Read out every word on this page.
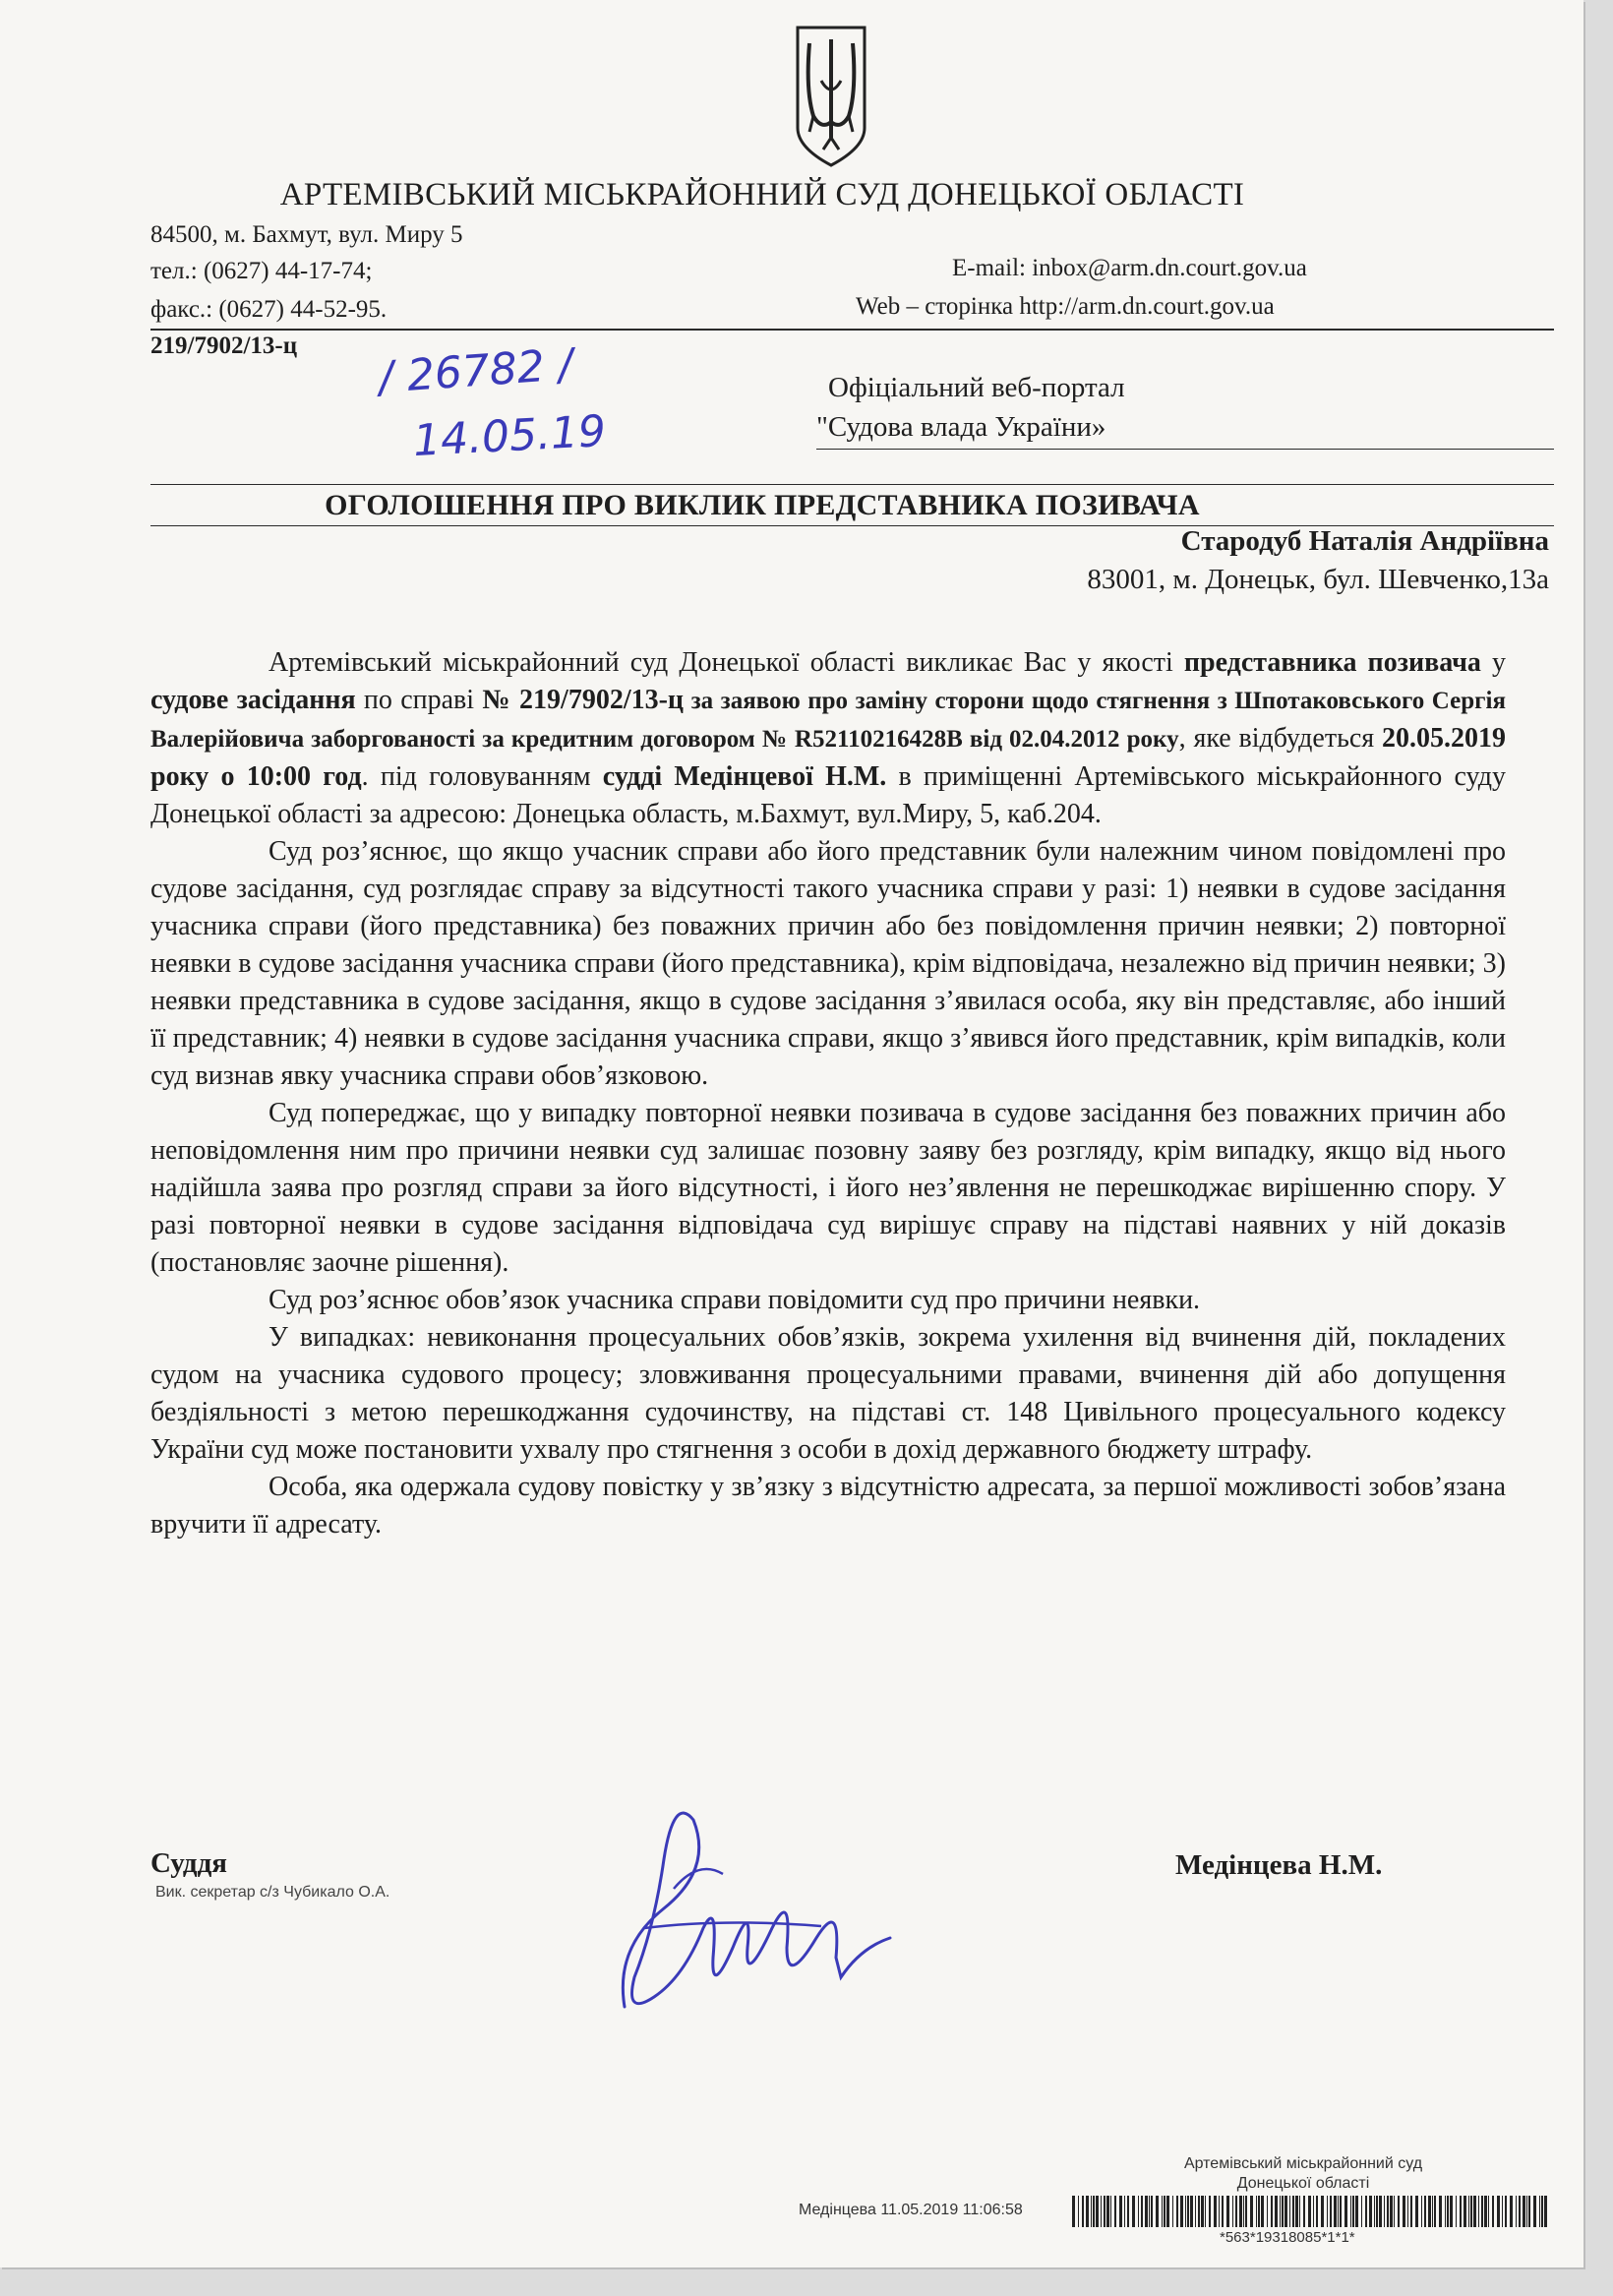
АРТЕМІВСЬКИЙ МІСЬКРАЙОННИЙ СУД ДОНЕЦЬКОЇ ОБЛАСТІ
84500, м. Бахмут, вул. Миру 5
тел.: (0627) 44-17-74;
факс.: (0627) 44-52-95.
E-mail: inbox@arm.dn.court.gov.ua
Web – сторінка http://arm.dn.court.gov.ua
219/7902/13-ц / 26782 /
14.05.19
Офіціальний веб-портал
"Судова влада України»
ОГОЛОШЕННЯ ПРО ВИКЛИК ПРЕДСТАВНИКА ПОЗИВАЧА
Стародуб Наталія Андріївна
83001, м. Донецьк, бул. Шевченко,13а

Артемівський міськрайонний суд Донецької області викликає Вас у якості представника позивача у судове засідання по справі № 219/7902/13-ц за заявою про заміну сторони щодо стягнення з Шпотаковського Сергія Валерійовича заборгованості за кредитним договором № R52110216428B від 02.04.2012 року, яке відбудеться 20.05.2019 року о 10:00 год. під головуванням судді Медінцевої Н.М. в приміщенні Артемівського міськрайонного суду Донецької області за адресою: Донецька область, м.Бахмут, вул.Миру, 5, каб.204.

Суд роз’яснює, що якщо учасник справи або його представник були належним чином повідомлені про судове засідання, суд розглядає справу за відсутності такого учасника справи у разі: 1) неявки в судове засідання учасника справи (його представника) без поважних причин або без повідомлення причин неявки; 2) повторної неявки в судове засідання учасника справи (його представника), крім відповідача, незалежно від причин неявки; 3) неявки представника в судове засідання, якщо в судове засідання з’явилася особа, яку він представляє, або інший її представник; 4) неявки в судове засідання учасника справи, якщо з’явився його представник, крім випадків, коли суд визнав явку учасника справи обов’язковою.

Суд попереджає, що у випадку повторної неявки позивача в судове засідання без поважних причин або неповідомлення ним про причини неявки суд залишає позовну заяву без розгляду, крім випадку, якщо від нього надійшла заява про розгляд справи за його відсутності, і його нез’явлення не перешкоджає вирішенню спору. У разі повторної неявки в судове засідання відповідача суд вирішує справу на підставі наявних у ній доказів (постановляє заочне рішення).

Суд роз’яснює обов’язок учасника справи повідомити суд про причини неявки.

У випадках: невиконання процесуальних обов’язків, зокрема ухилення від вчинення дій, покладених судом на учасника судового процесу; зловживання процесуальними правами, вчинення дій або допущення бездіяльності з метою перешкоджання судочинству, на підставі ст. 148 Цивільного процесуального кодексу України суд може постановити ухвалу про стягнення з особи в дохід державного бюджету штрафу.

Особа, яка одержала судову повістку у зв’язку з відсутністю адресата, за першої можливості зобов’язана вручити її адресату.

Суддя
Вик. секретар с/з Чубикало О.А.
Медінцева Н.М.
Артемівський міськрайонний суд
Донецької області
Медінцева 11.05.2019 11:06:58
*563*19318085*1*1*
